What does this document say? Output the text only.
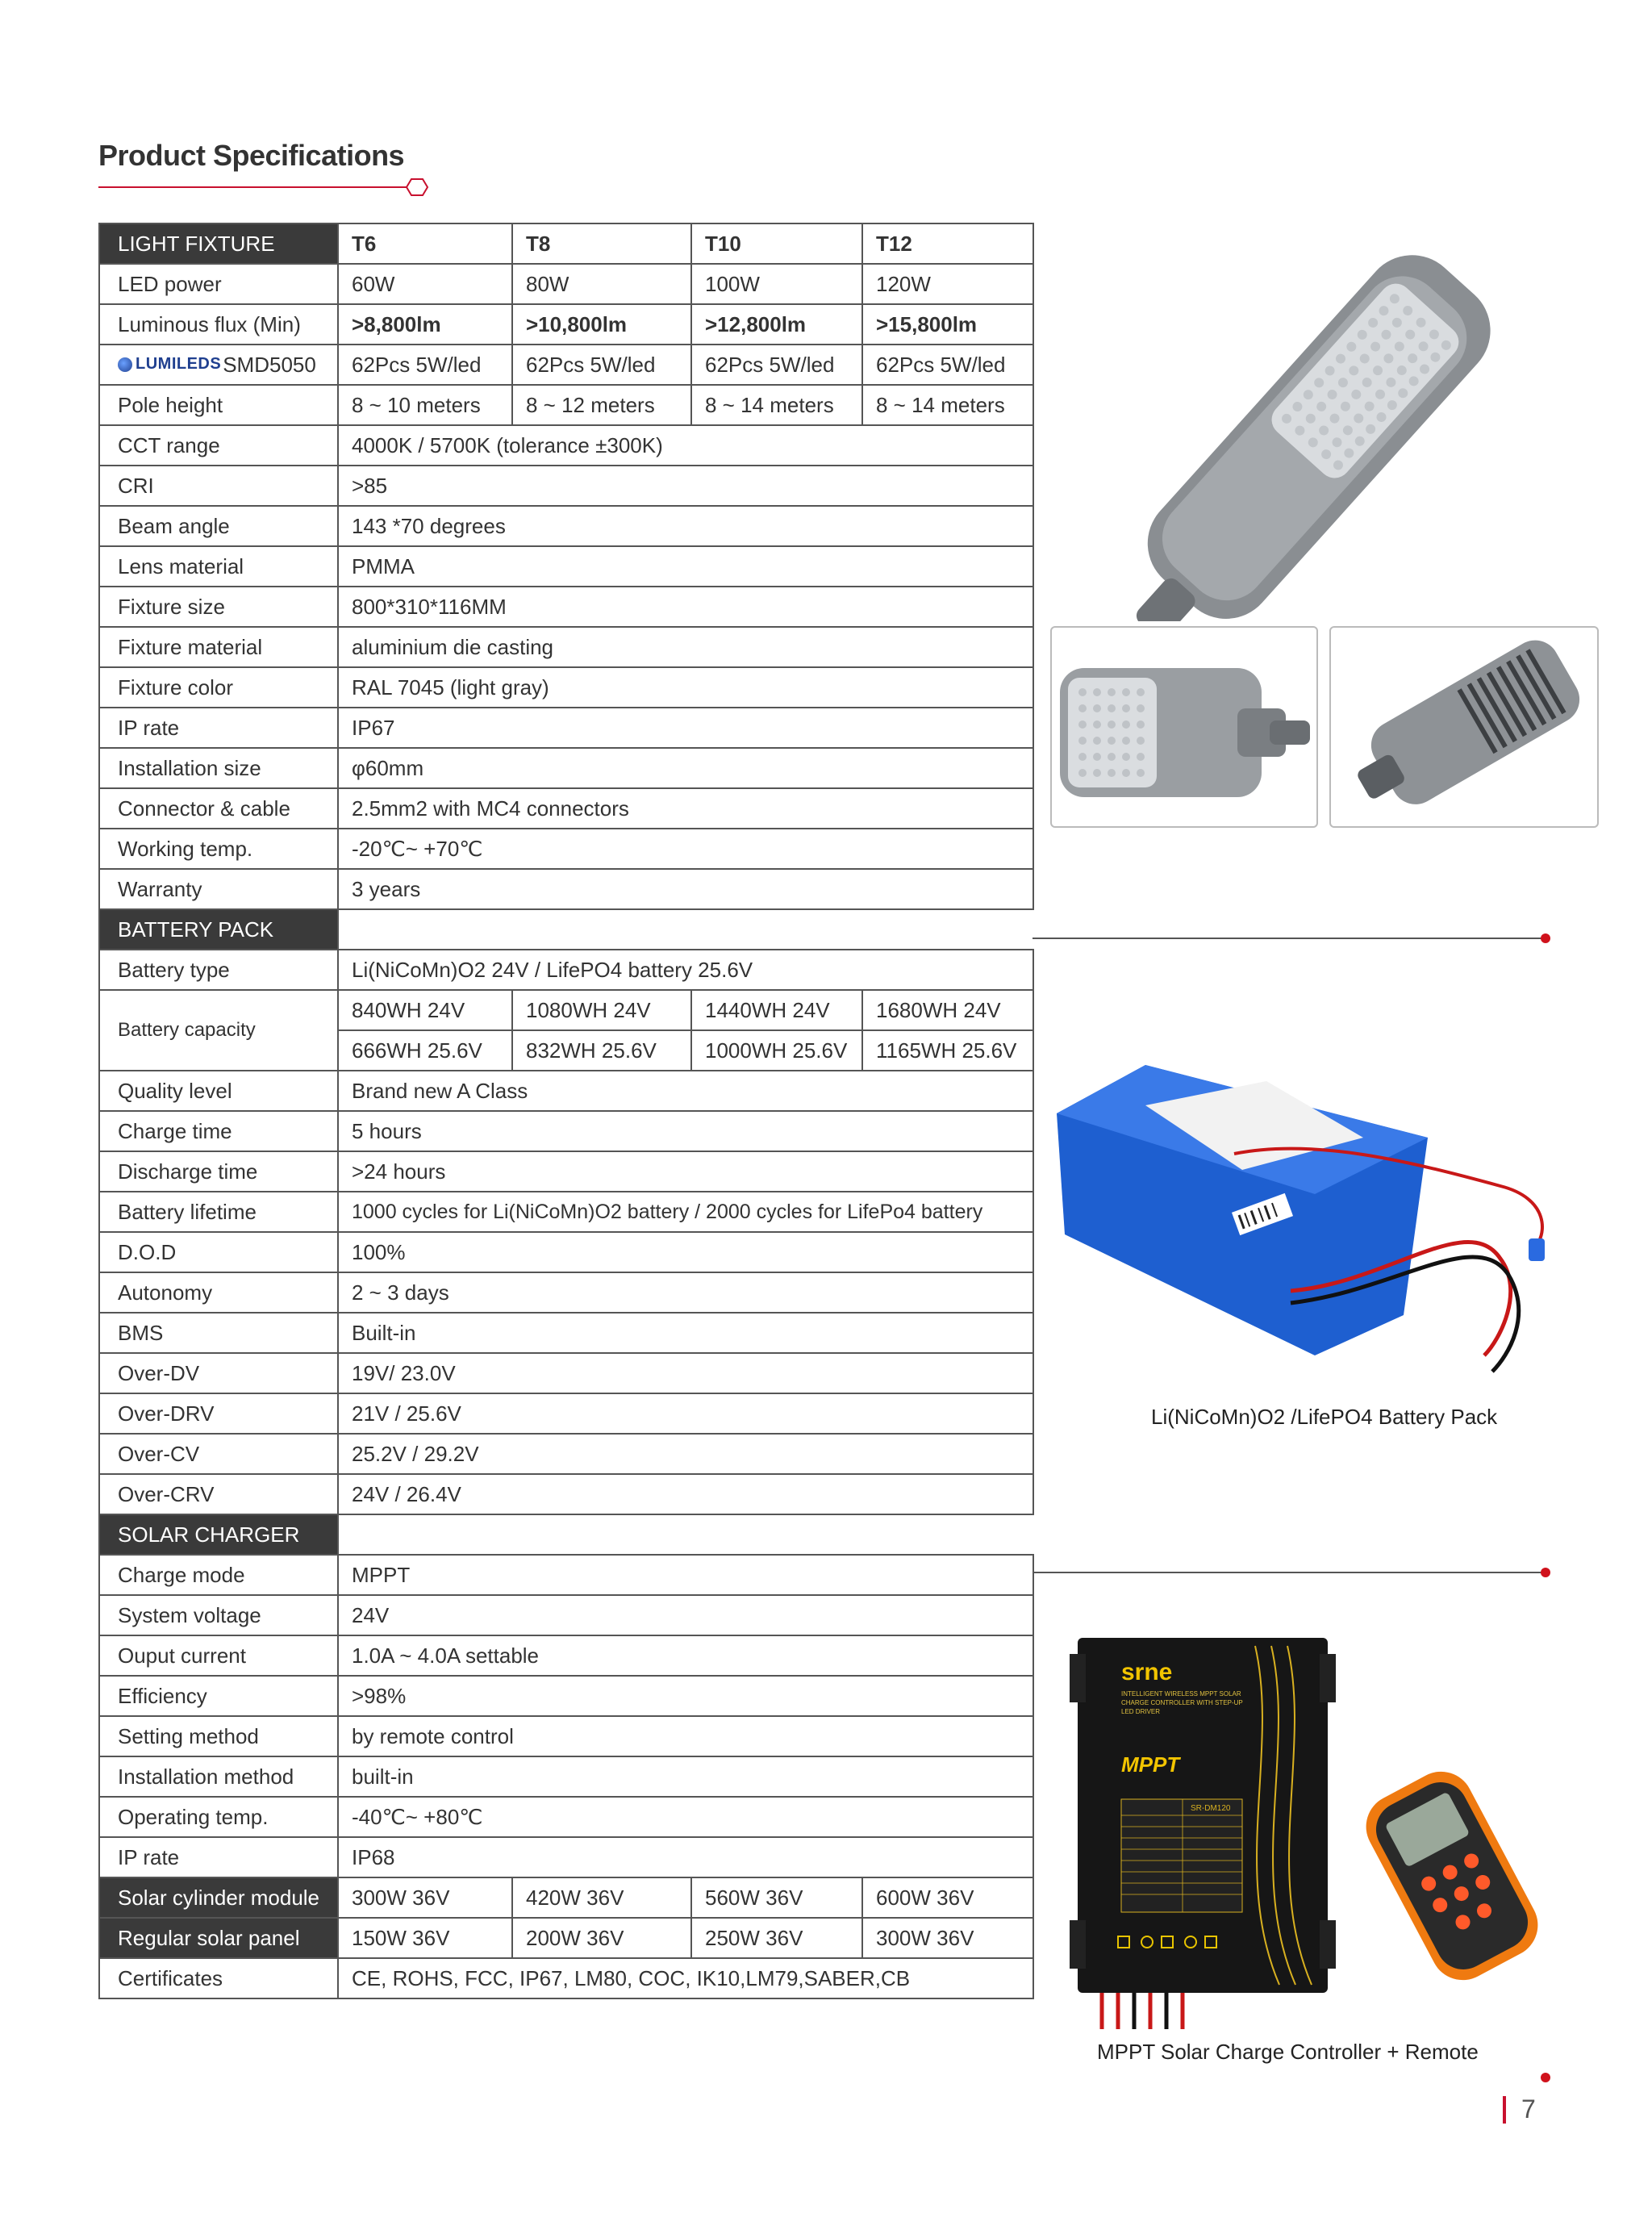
Product Specifications
LIGHT FIXTURE	T6	T8	T10	T12
LED power	60W	80W	100W	120W
Luminous flux (Min)	>8,800lm	>10,800lm	>12,800lm	>15,800lm

LUMILEDS SMD5050	62Pcs 5W/led	62Pcs 5W/led	62Pcs 5W/led	62Pcs 5W/led
Pole height	8 ~ 10 meters	8 ~ 12 meters	8 ~ 14 meters	8 ~ 14 meters
CCT range	4000K / 5700K (tolerance ±300K)			
CRI	>85			
Beam angle	143 *70 degrees			
Lens material	PMMA			
Fixture size	800*310*116MM			
Fixture material	aluminium die casting			
Fixture color	RAL 7045 (light gray)			
IP rate	IP67			
Installation size	φ60mm			
Connector & cable	2.5mm2 with MC4 connectors			
Working temp.	-20℃~ +70℃			
Warranty	3 years			
BATTERY PACK				
Battery type	Li(NiCoMn)O2 24V / LifePO4 battery 25.6V			
Battery capacity	840WH 24V	1080WH 24V	1440WH 24V	1680WH 24V
	666WH 25.6V	832WH 25.6V	1000WH 25.6V	1165WH 25.6V
Quality level	Brand new A Class			
Charge time	5 hours			
Discharge time	>24 hours			
Battery lifetime	1000 cycles for Li(NiCoMn)O2 battery / 2000 cycles for LifePo4 battery			
D.O.D	100%			
Autonomy	2 ~ 3 days			
BMS	Built-in			
Over-DV	19V/ 23.0V			
Over-DRV	21V / 25.6V			
Over-CV	25.2V / 29.2V			
Over-CRV	24V / 26.4V			
SOLAR CHARGER				
Charge mode	MPPT			
System voltage	24V			
Ouput current	1.0A ~ 4.0A settable			
Efficiency	>98%			
Setting method	by remote control			
Installation method	built-in			
Operating temp.	-40℃~ +80℃			
IP rate	IP68			
Solar cylinder module	300W 36V	420W 36V	560W 36V	600W 36V
Regular solar panel	150W 36V	200W 36V	250W 36V	300W 36V
Certificates	CE, ROHS, FCC, IP67, LM80, COC, IK10,LM79,SABER,CB			
Li(NiCoMn)O2 /LifePO4 Battery Pack
srne
INTELLIGENT WIRELESS MPPT SOLAR CHARGE CONTROLLER WITH STEP-UP LED DRIVER
MPPT
SR-DM120
MPPT Solar Charge Controller + Remote
7
